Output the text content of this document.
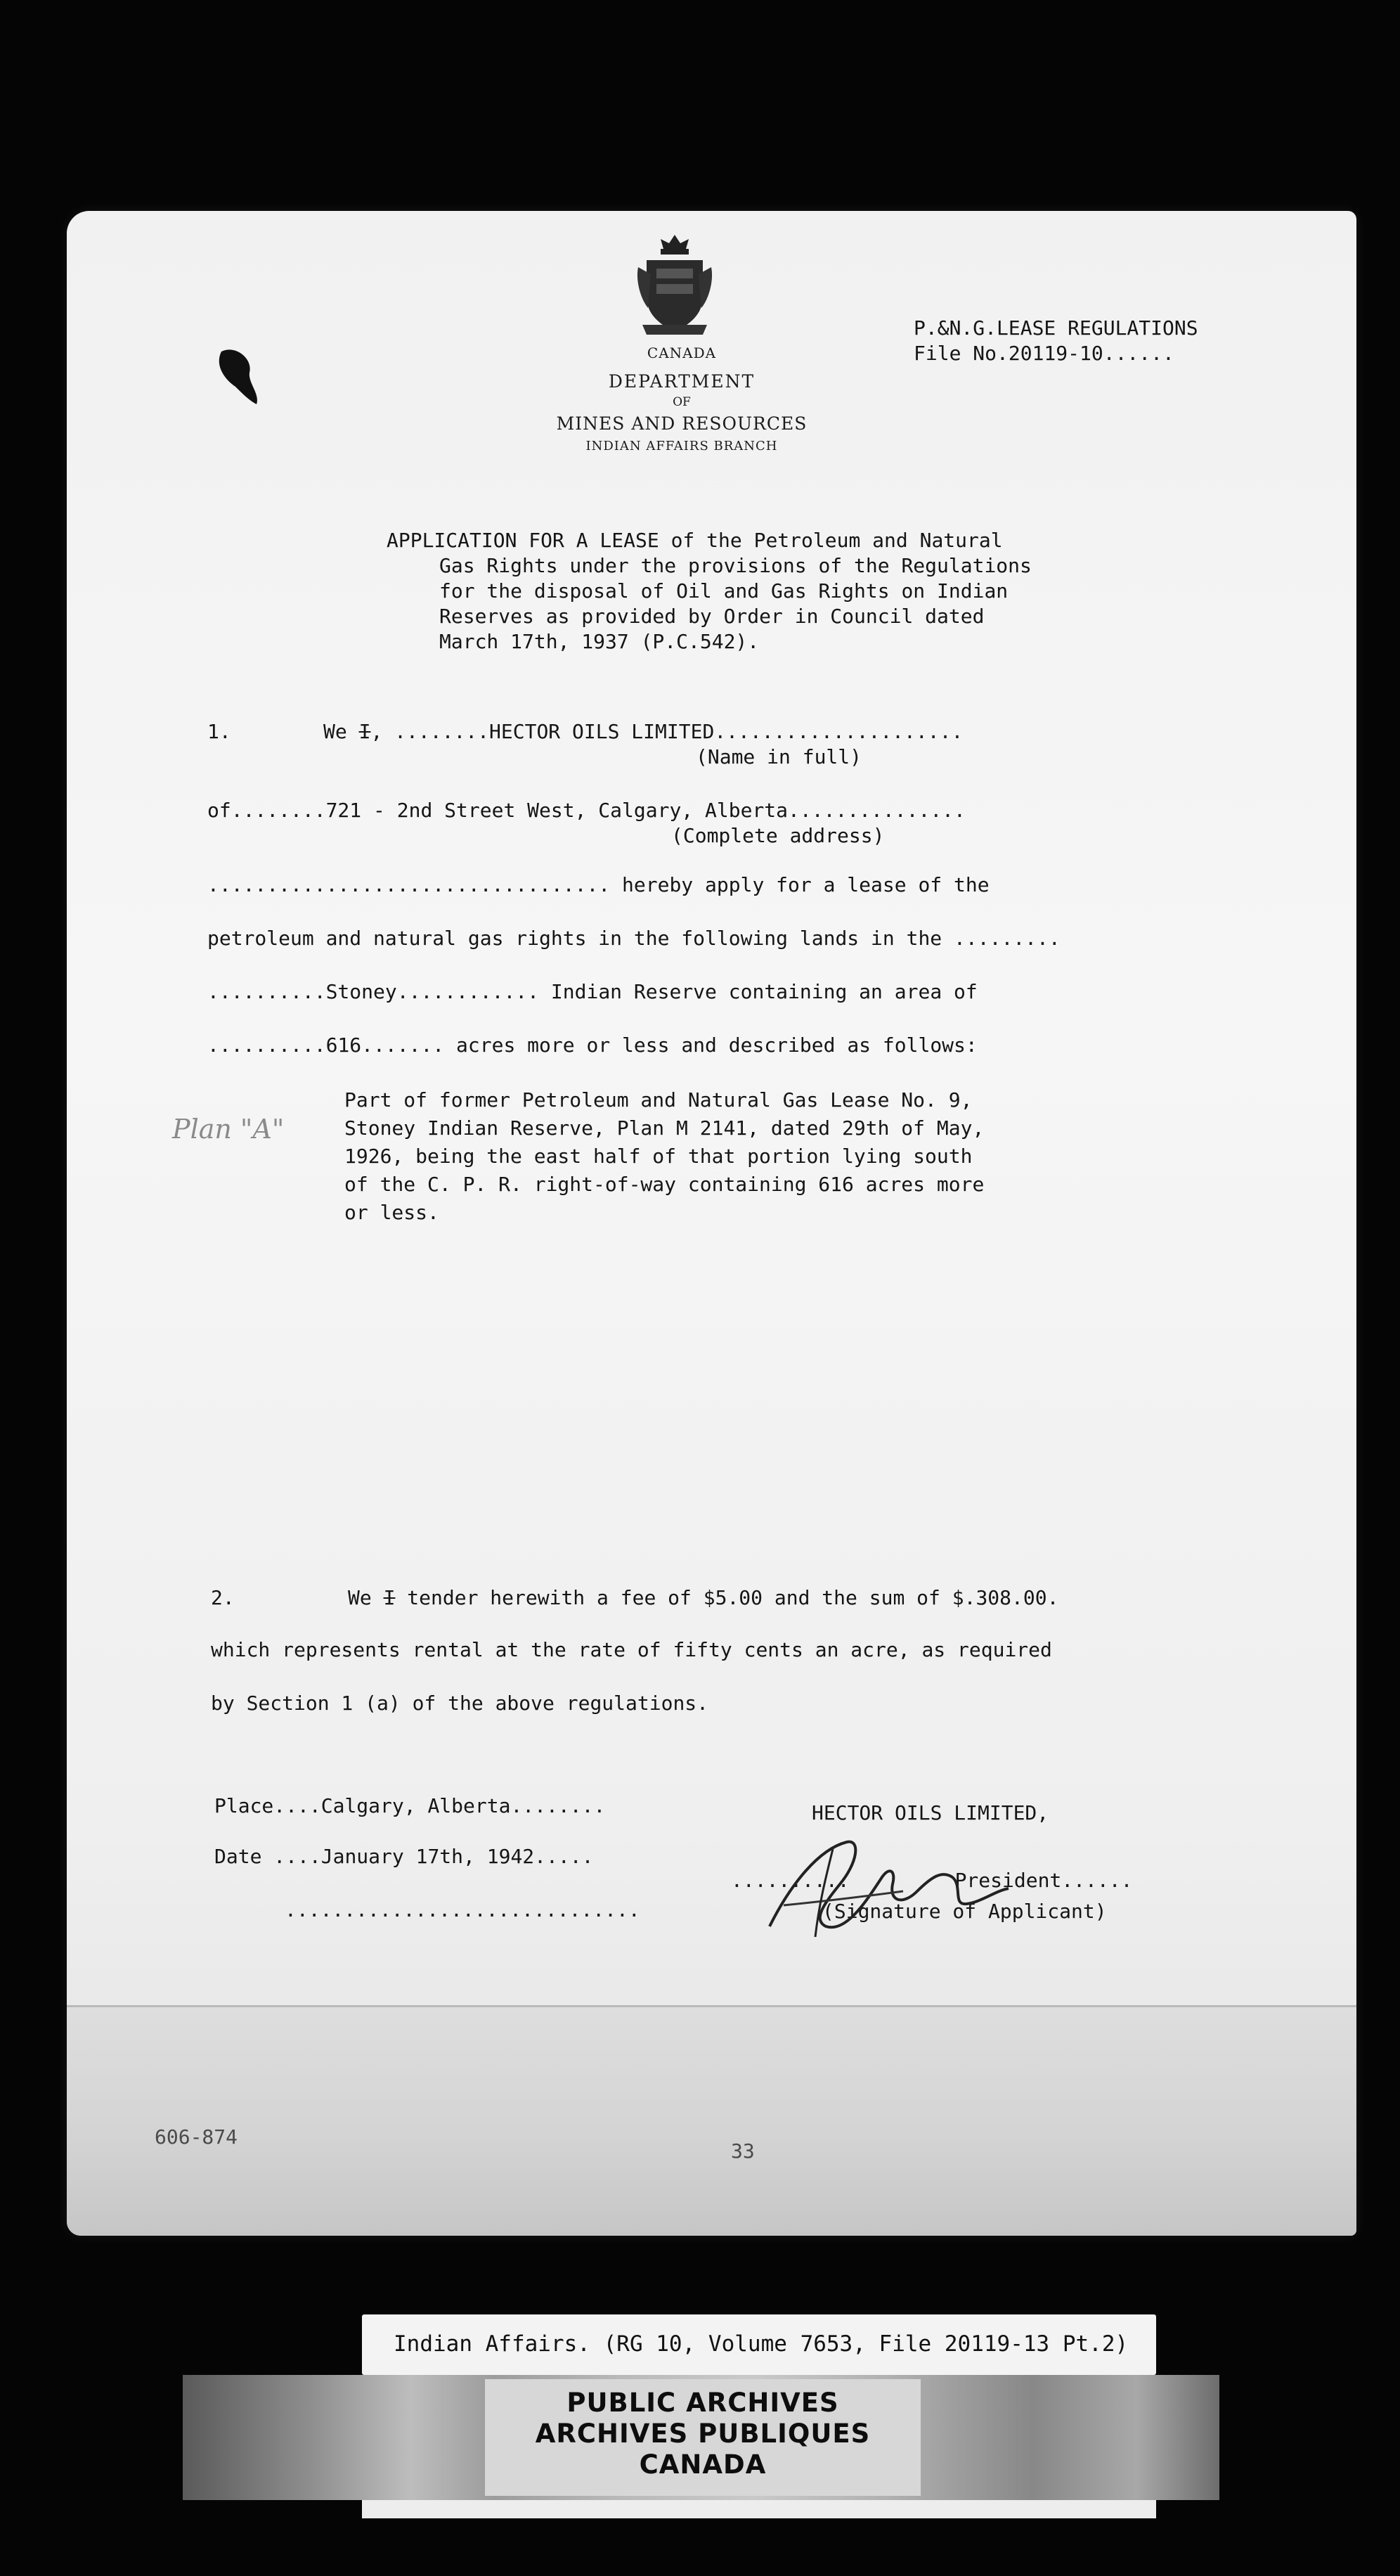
CANADA
DEPARTMENT
OF
MINES AND RESOURCES
INDIAN AFFAIRS BRANCH
P.&N.G.LEASE REGULATIONS
File No.20119-10......
APPLICATION FOR A LEASE of the Petroleum and Natural
Gas Rights under the provisions of the Regulations
for the disposal of Oil and Gas Rights on Indian
Reserves as provided by Order in Council dated
March 17th, 1937 (P.C.542).
1.	We I, ........HECTOR OILS LIMITED.....................
(Name in full)
of........721 - 2nd Street West, Calgary, Alberta...............
(Complete address)
.................................. hereby apply for a lease of the
petroleum and natural gas rights in the following lands in the .........
..........Stoney............ Indian Reserve containing an area of
..........616....... acres more or less and described as follows:
Plan "A"
Part of former Petroleum and Natural Gas Lease No. 9,
Stoney Indian Reserve, Plan M 2141, dated 29th of May,
1926, being the east half of that portion lying south
of the C. P. R. right-of-way containing 616 acres more
or less.
2.	We I tender herewith a fee of $5.00 and the sum of $.308.00.
which represents rental at the rate of fifty cents an acre, as required
by Section 1 (a) of the above regulations.
Place....Calgary, Alberta........
Date ....January 17th, 1942.....
..............................
HECTOR OILS LIMITED,
..........	President......
(Signature of Applicant)
606-874
33
Indian Affairs. (RG 10, Volume 7653, File 20119-13 Pt.2)
PUBLIC ARCHIVES
ARCHIVES PUBLIQUES
CANADA
